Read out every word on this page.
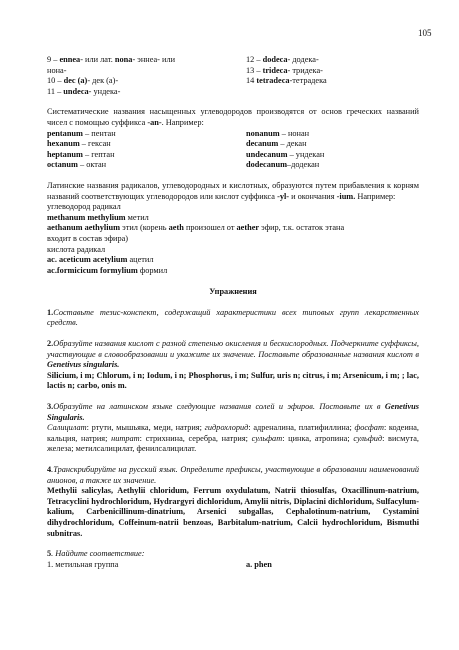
105
9 – ennea- или лат. nona- эннеа- или
нона-
10 – dec (a)- дек (а)-
11 – undeca- ундека-
12 – dodeca- додека-
13 – trideca- тридека-
14 tetradeca-тетрадека

Систематические названия насыщенных углеводородов производятся от основ греческих названий чисел с помощью суффикса -an-. Например:

pentanum – пентан
hexanum – гексан
heptanum – гептан
octanum – октан
nonanum – нонан
decanum – декан
undecanum – ундекан
dodecanum–додекан

Латинские названия радикалов, углеводородных и кислотных, образуются путем прибавления к корням названий соответствующих углеводородов или кислот суффикса -yl- и окончания -ium. Например:

углеводород радикал
methanum methylium метил
aethanum aethylium этил (корень aeth произошел от aether эфир, т.к. остаток этана
входит в состав эфира)
кислота радикал
ac. aceticum acetylium ацетил
ac.formicicum formylium формил
Упражнения

1.Составьте тезис-конспект, содержащий характеристики всех типовых групп лекарственных средств.

2.Образуйте названия кислот с разной степенью окисления и бескислородных. Подчеркните суффиксы, участвующие в словообразовании и укажите их значение. Поставьте образованные названия кислот в Genetivus singularis.

Silicium, i m; Chlorum, i n; Iodum, i n; Phosphorus, i m; Sulfur, uris n; citrus, i m; Arsenicum, i m; ; lac, lactis n; carbo, onis m.

3.Образуйте на латинском языке следующие названия солей и эфиров. Поставьте их в Genetivus Singularis.

Салицилат: ртути, мышьяка, меди, натрия; гидрохлорид: адреналина, платифиллина; фосфат: кодеина, кальция, натрия; нитрат: стрихнина, серебра, натрия; сульфат: цинка, атропина; сульфид: висмута, железа; метилсалицилат, фенилсалицилат.

4.Транскрибируйте на русский язык. Определите префиксы, участвующие в образовании наименований анионов, а также их значение.

Methylii salicylas, Aethylii chloridum, Ferrum oxydulatum, Natrii thiosulfas, Oxacillinum-natrium, Tetracyclini hydrochloridum, Hydrargyri dichloridum, Amylii nitris, Diplacini dichloridum, Sulfacylum-kalium, Carbenicillinum-dinatrium, Arsenici subgallas, Cephalotinum-natrium, Cystamini dihydrochloridum, Coffeinum-natrii benzoas, Barbitalum-natrium, Calcii hydrochloridum, Bismuthi subnitras.

5. Найдите соответствие:

1. метильная группа	a. phen
